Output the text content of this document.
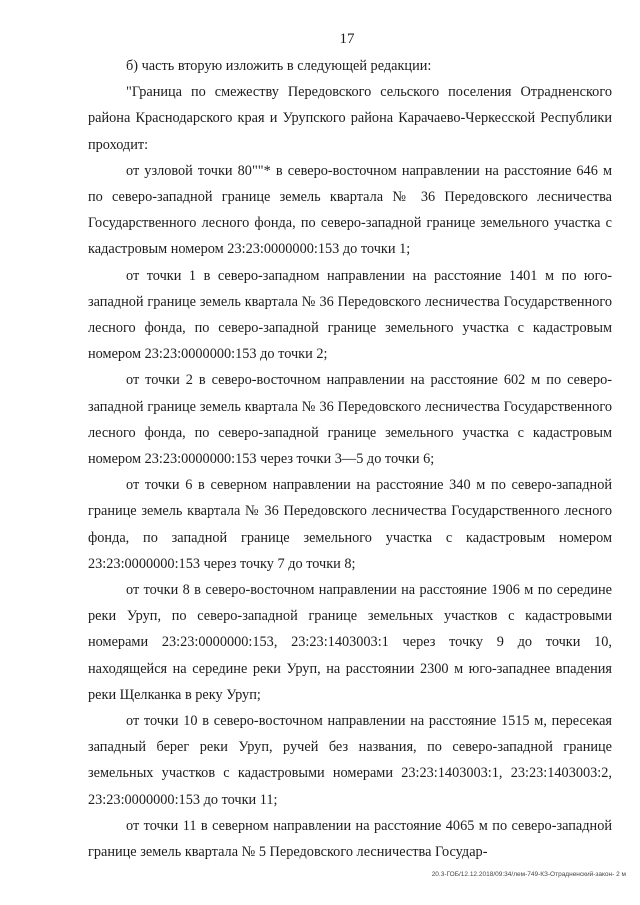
17

б) часть вторую изложить в следующей редакции:

"Граница по смежеству Передовского сельского поселения Отрадненского района Краснодарского края и Урупского района Карачаево-Черкесской Республики проходит:

от узловой точки 80""* в северо-восточном направлении на расстояние 646 м по северо-западной границе земель квартала № 36 Передовского лесничества Государственного лесного фонда, по северо-западной границе земельного участка с кадастровым номером 23:23:0000000:153 до точки 1;

от точки 1 в северо-западном направлении на расстояние 1401 м по юго-западной границе земель квартала № 36 Передовского лесничества Государственного лесного фонда, по северо-западной границе земельного участка с кадастровым номером 23:23:0000000:153 до точки 2;

от точки 2 в северо-восточном направлении на расстояние 602 м по северо-западной границе земель квартала № 36 Передовского лесничества Государственного лесного фонда, по северо-западной границе земельного участка с кадастровым номером 23:23:0000000:153 через точки 3—5 до точки 6;

от точки 6 в северном направлении на расстояние 340 м по северо-западной границе земель квартала № 36 Передовского лесничества Государственного лесного фонда, по западной границе земельного участка с кадастровым номером 23:23:0000000:153 через точку 7 до точки 8;

от точки 8 в северо-восточном направлении на расстояние 1906 м по середине реки Уруп, по северо-западной границе земельных участков с кадастровыми номерами 23:23:0000000:153, 23:23:1403003:1 через точку 9 до точки 10, находящейся на середине реки Уруп, на расстоянии 2300 м юго-западнее впадения реки Щелканка в реку Уруп;

от точки 10 в северо-восточном направлении на расстояние 1515 м, пересекая западный берег реки Уруп, ручей без названия, по северо-западной границе земельных участков с кадастровыми номерами 23:23:1403003:1, 23:23:1403003:2, 23:23:0000000:153 до точки 11;

от точки 11 в северном направлении на расстояние 4065 м по северо-западной границе земель квартала № 5 Передовского лесничества Государ-

20.3-ГОБ/12.12.2018/09:34/лем-749-КЗ-Отрадненский-закон- 2 м
